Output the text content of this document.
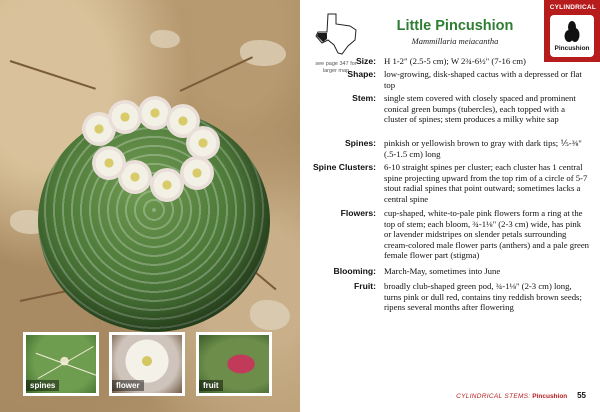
spines	flower	fruit
see page 347 for larger map
Little Pincushion
Mammillaria meiacantha
CYLINDRICAL
Pincushion
Size: H 1-2" (2.5-5 cm); W 2¾-6½" (7-16 cm)
Shape: low-growing, disk-shaped cactus with a depressed or flat top
Stem: single stem covered with closely spaced and prominent conical green bumps (tubercles), each topped with a cluster of spines; stem produces a milky white sap
Spines: pinkish or yellowish brown to gray with dark tips; ⅕-⅜" (.5-1.5 cm) long
Spine Clusters: 6-10 straight spines per cluster; each cluster has 1 central spine projecting upward from the top rim of a circle of 5-7 stout radial spines that point outward; sometimes lacks a central spine
Flowers: cup-shaped, white-to-pale pink flowers form a ring at the top of stem; each bloom, ¾-1⅛" (2-3 cm) wide, has pink or lavender midstripes on slender petals surrounding cream-colored male flower parts (anthers) and a pale green female flower part (stigma)
Blooming: March-May, sometimes into June
Fruit: broadly club-shaped green pod, ¾-1⅛" (2-3 cm) long, turns pink or dull red, contains tiny reddish brown seeds; ripens several months after flowering
CYLINDRICAL STEMS: Pincushion 55
